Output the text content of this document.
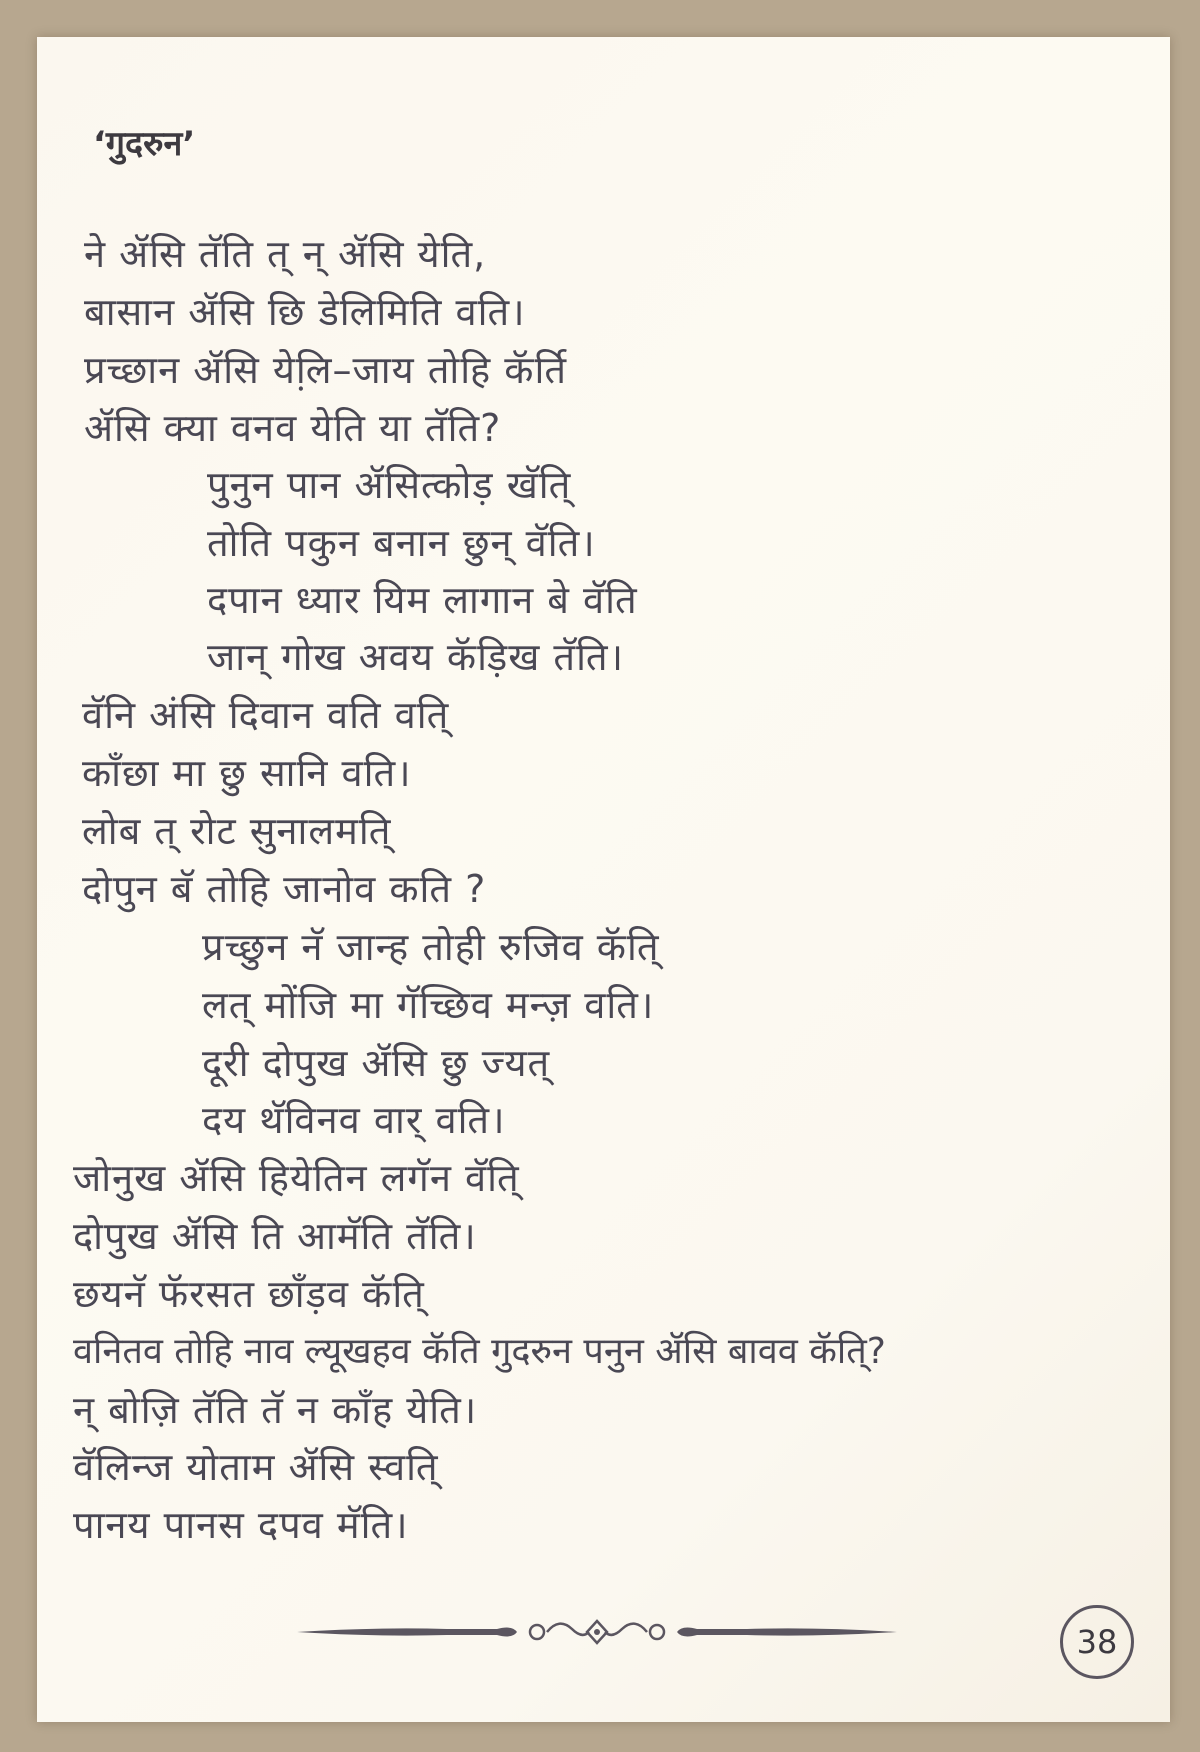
‘गुदरुन’
ने ॲसि तॅति त् न् ॲसि येति,
बासान ॲसि छि डेलिमिति वति।
प्रच्छान ॲसि येलि़–जाय तोहि कॅर्ति
ॲसि क्या वनव येति या तॅति?
पुनुन पान ॲसित्कोड़ खॅति्
तोति पकुन बनान छुन् वॅति।
दपान ध्यार यिम लागान बे वॅति
जान् गोख अवय कॅड़िख तॅति।
वॅनि अंसि दिवान वति वति्
काँछा मा छु सानि वति।
लोब त् रोट सुनालमति्
दोपुन बॅ तोहि जानोव कति ?
प्रच्छुन नॅ जान्ह तोही रुजिव कॅति्
लत् मोंजि मा गॅच्छिव मन्ज़ वति।
दूरी दोपुख ॲसि छु ज्यत्
दय थॅविनव वार् वति।
जोनुख ॲसि हियेतिन लगॅन वॅति्
दोपुख ॲसि ति आमॅति तॅति।
छयनॅ फॅरसत छाँड़व कॅति्
वनितव तोहि नाव ल्यूखहव कॅति गुदरुन पनुन ॲसि बावव कॅति्?
न् बोज़ि तॅति तॅ न काँह येति।
वॅलिन्ज योताम ॲसि स्वति्
पानय पानस दपव मॅति।
38
